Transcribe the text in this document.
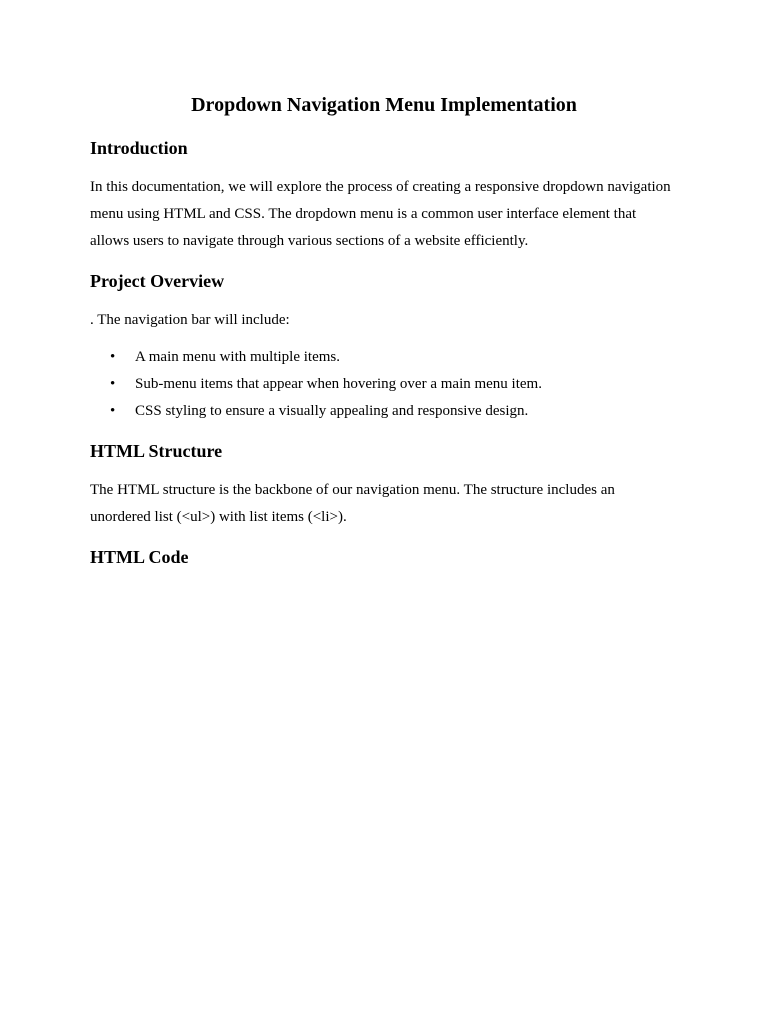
Dropdown Navigation Menu Implementation
Introduction
In this documentation, we will explore the process of creating a responsive dropdown navigation
menu using HTML and CSS. The dropdown menu is a common user interface element that
allows users to navigate through various sections of a website efficiently.
Project Overview
. The navigation bar will include:
• A main menu with multiple items.
• Sub-menu items that appear when hovering over a main menu item.
• CSS styling to ensure a visually appealing and responsive design.
HTML Structure
The HTML structure is the backbone of our navigation menu. The structure includes an
unordered list (<ul>) with list items (<li>).
HTML Code
